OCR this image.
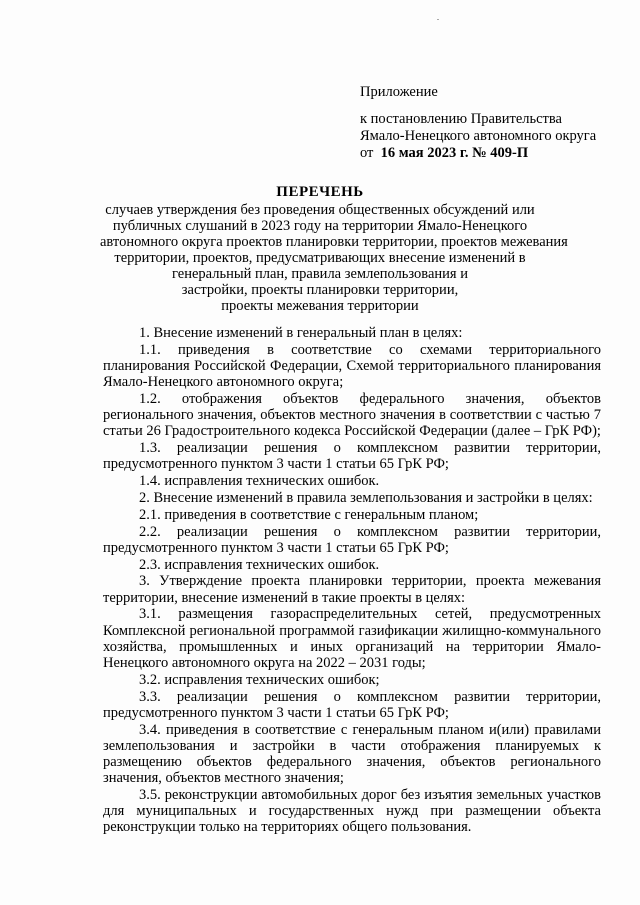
Приложение
к постановлению Правительства
Ямало-Ненецкого автономного округа
от 16 мая 2023 г. № 409-П
ПЕРЕЧЕНЬ
случаев утверждения без проведения общественных обсуждений или
публичных слушаний в 2023 году на территории Ямало-Ненецкого
автономного округа проектов планировки территории, проектов межевания
территории, проектов, предусматривающих внесение изменений в
генеральный план, правила землепользования и
застройки, проекты планировки территории,
проекты межевания территории

1. Внесение изменений в генеральный план в целях:

1.1. приведения в соответствие со схемами территориального планирования Российской Федерации, Схемой территориального планирования Ямало-Ненецкого автономного округа;

1.2. отображения объектов федерального значения, объектов регионального значения, объектов местного значения в соответствии с частью 7 статьи 26 Градостроительного кодекса Российской Федерации (далее – ГрК РФ);

1.3. реализации решения о комплексном развитии территории, предусмотренного пунктом 3 части 1 статьи 65 ГрК РФ;

1.4. исправления технических ошибок.

2. Внесение изменений в правила землепользования и застройки в целях:

2.1. приведения в соответствие с генеральным планом;

2.2. реализации решения о комплексном развитии территории, предусмотренного пунктом 3 части 1 статьи 65 ГрК РФ;

2.3. исправления технических ошибок.

3. Утверждение проекта планировки территории, проекта межевания территории, внесение изменений в такие проекты в целях:

3.1. размещения газораспределительных сетей, предусмотренных Комплексной региональной программой газификации жилищно-коммунального хозяйства, промышленных и иных организаций на территории Ямало-Ненецкого автономного округа на 2022 – 2031 годы;

3.2. исправления технических ошибок;

3.3. реализации решения о комплексном развитии территории, предусмотренного пунктом 3 части 1 статьи 65 ГрК РФ;

3.4. приведения в соответствие с генеральным планом и(или) правилами землепользования и застройки в части отображения планируемых к размещению объектов федерального значения, объектов регионального значения, объектов местного значения;

3.5. реконструкции автомобильных дорог без изъятия земельных участков для муниципальных и государственных нужд при размещении объекта реконструкции только на территориях общего пользования.
